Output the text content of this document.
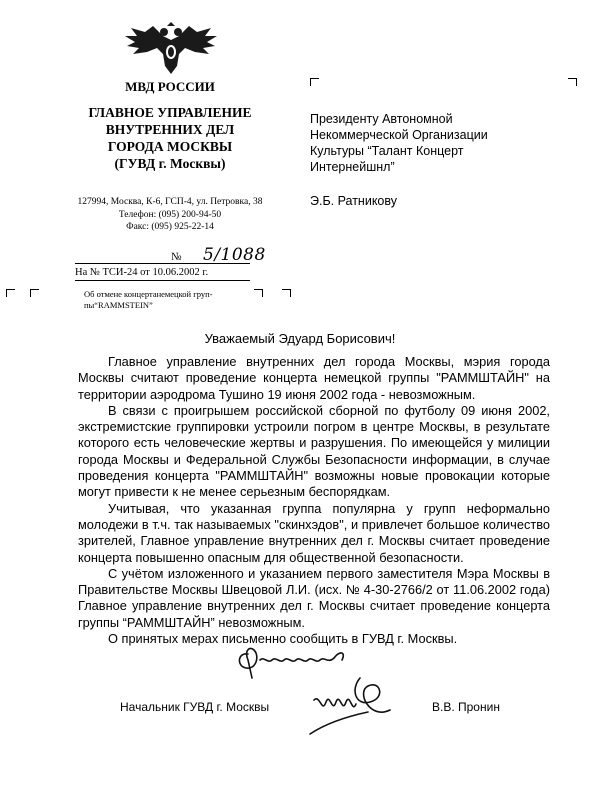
МВД РОССИИ
ГЛАВНОЕ УПРАВЛЕНИЕ
ВНУТРЕННИХ ДЕЛ
ГОРОДА МОСКВЫ
(ГУВД г. Москвы)
127994, Москва, К-6, ГСП-4, ул. Петровка, 38
Телефон: (095) 200-94-50
Факс: (095) 925-22-14
№ 5/1088
На № ТСИ-24 от 10.06.2002 г.
Об отмене концертанемецкой груп-
пы“RAMMSTEIN”
Президенту Автономной
Некоммерческой Организации
Культуры “Талант Концерт
Интернейшнл”
Э.Б. Ратникову
Уважаемый Эдуард Борисович!

Главное управление внутренних дел города Москвы, мэрия города Москвы считают проведение концерта немецкой группы "РАММШТАЙН" на территории аэродрома Тушино 19 июня 2002 года - невозможным.

В связи с проигрышем российской сборной по футболу 09 июня 2002, экстремистские группировки устроили погром в центре Москвы, в результате которого есть человеческие жертвы и разрушения. По имеющейся у милиции города Москвы и Федеральной Службы Безопасности информации, в случае проведения концерта "РАММШТАЙН" возможны новые провокации которые могут привести к не менее серьезным беспорядкам.

Учитывая, что указанная группа популярна у групп неформально молодежи в т.ч. так называемых "скинхэдов", и привлечет большое количество зрителей, Главное управление внутренних дел г. Москвы считает проведение концерта повышенно опасным для общественной безопасности.

С учётом изложенного и указанием первого заместителя Мэра Москвы в Правительстве Москвы Швецовой Л.И. (исх. № 4-30-2766/2 от 11.06.2002 года) Главное управление внутренних дел г. Москвы считает проведение концерта группы “РАММШТАЙН” невозможным.

О принятых мерах письменно сообщить в ГУВД г. Москвы.

Начальник ГУВД г. Москвы	В.В. Пронин
